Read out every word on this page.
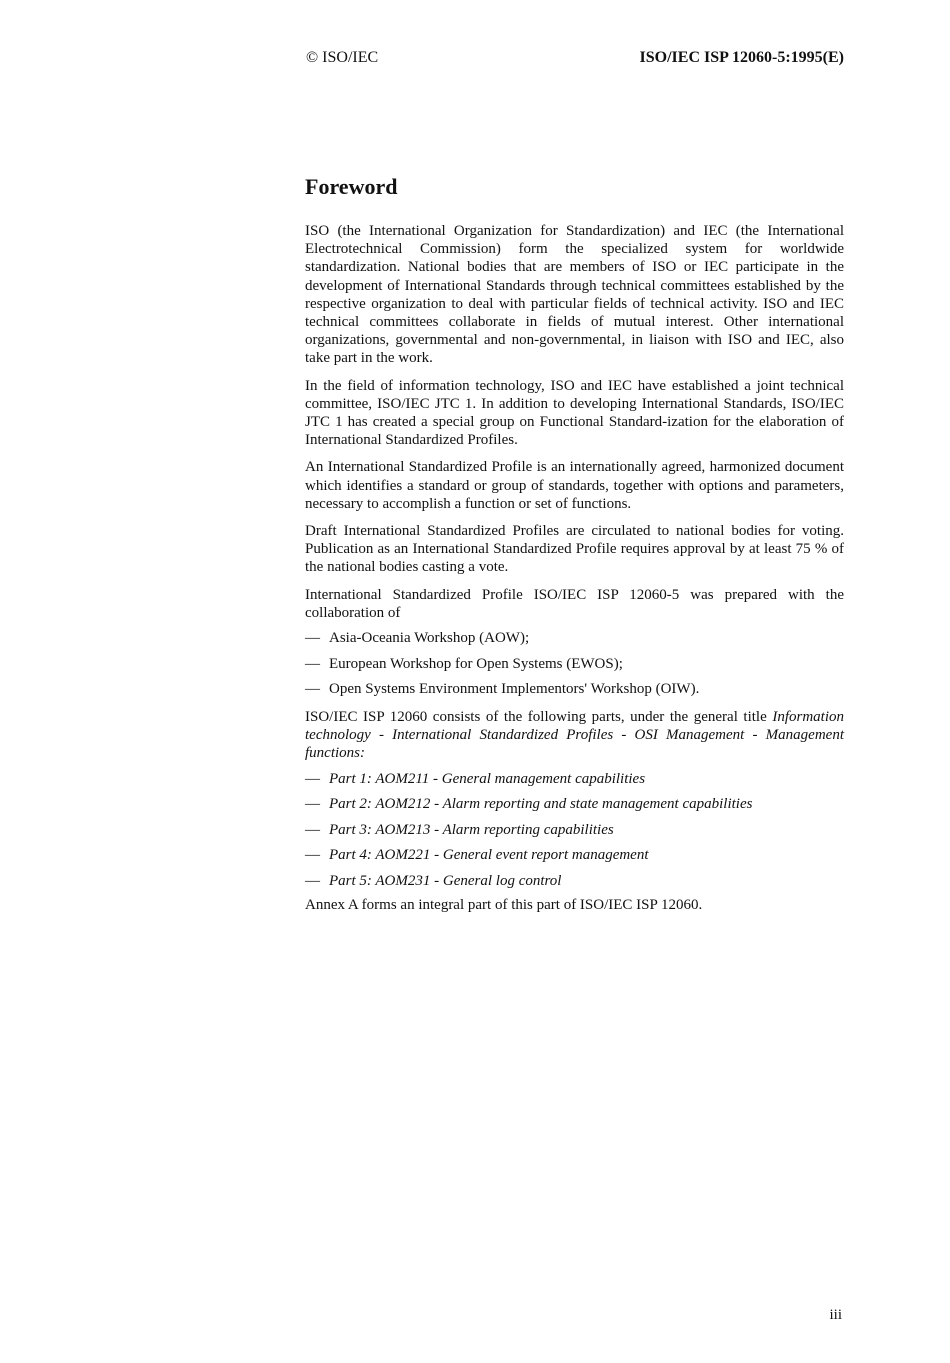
© ISO/IEC	ISO/IEC ISP 12060-5:1995(E)
Foreword

ISO (the International Organization for Standardization) and IEC (the International Electrotechnical Commission) form the specialized system for worldwide standardization. National bodies that are members of ISO or IEC participate in the development of International Standards through technical committees established by the respective organization to deal with particular fields of technical activity. ISO and IEC technical committees collaborate in fields of mutual interest. Other international organizations, governmental and non-governmental, in liaison with ISO and IEC, also take part in the work.

In the field of information technology, ISO and IEC have established a joint technical committee, ISO/IEC JTC 1. In addition to developing International Standards, ISO/IEC JTC 1 has created a special group on Functional Standard-ization for the elaboration of International Standardized Profiles.

An International Standardized Profile is an internationally agreed, harmonized document which identifies a standard or group of standards, together with options and parameters, necessary to accomplish a function or set of functions.

Draft International Standardized Profiles are circulated to national bodies for voting. Publication as an International Standardized Profile requires approval by at least 75 % of the national bodies casting a vote.

International Standardized Profile ISO/IEC ISP 12060-5 was prepared with the collaboration of

— Asia-Oceania Workshop (AOW);
— European Workshop for Open Systems (EWOS);
— Open Systems Environment Implementors' Workshop (OIW).

ISO/IEC ISP 12060 consists of the following parts, under the general title Information technology - International Standardized Profiles - OSI Management - Management functions:

— Part 1: AOM211 - General management capabilities
— Part 2: AOM212 - Alarm reporting and state management capabilities
— Part 3: AOM213 - Alarm reporting capabilities
— Part 4: AOM221 - General event report management
— Part 5: AOM231 - General log control

Annex A forms an integral part of this part of ISO/IEC ISP 12060.

iii
